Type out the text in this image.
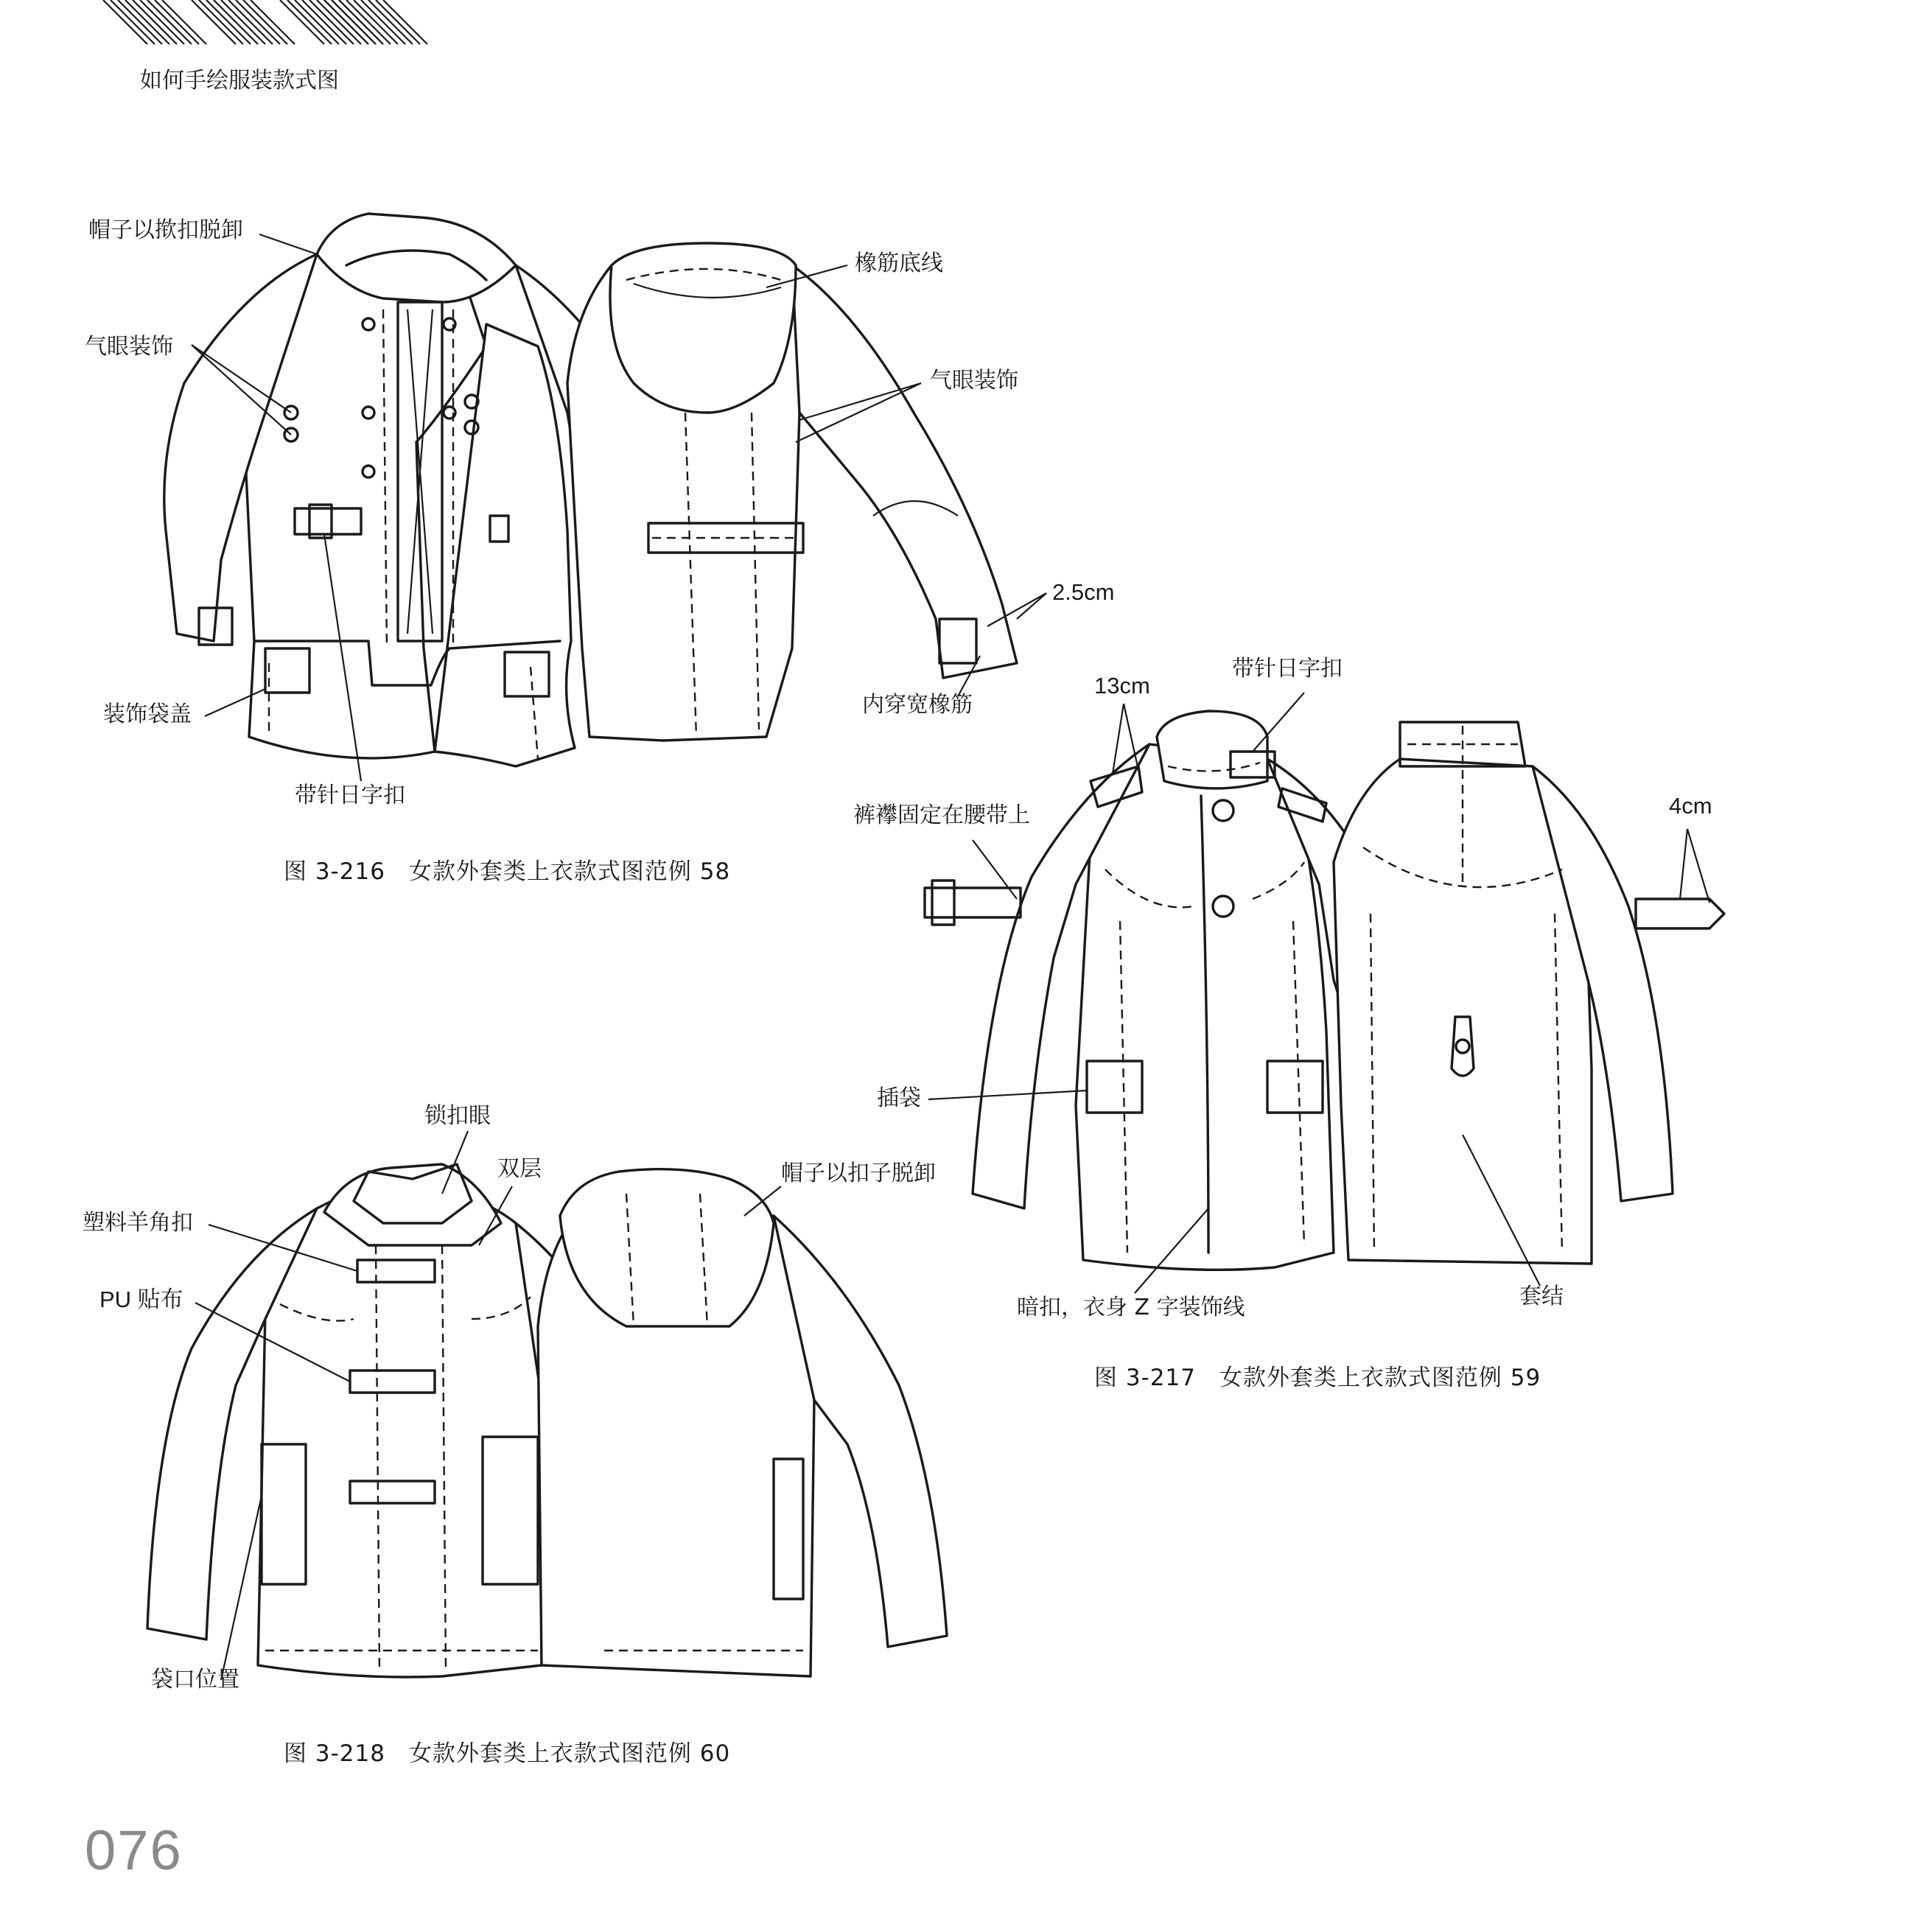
如何手绘服装款式图
帽子以揿扣脱卸
气眼装饰
装饰袋盖
带针日字扣
橡筋底线
气眼装饰
2.5cm
内穿宽橡筋
图 3-216　女款外套类上衣款式图范例 58
13cm
带针日字扣
裤襻固定在腰带上	4cm
插袋
暗扣，衣身 Z 字装饰线	套结
图 3-217　女款外套类上衣款式图范例 59
锁扣眼
双层	帽子以扣子脱卸
塑料羊角扣
PU 贴布
袋口位置
图 3-218　女款外套类上衣款式图范例 60
076
